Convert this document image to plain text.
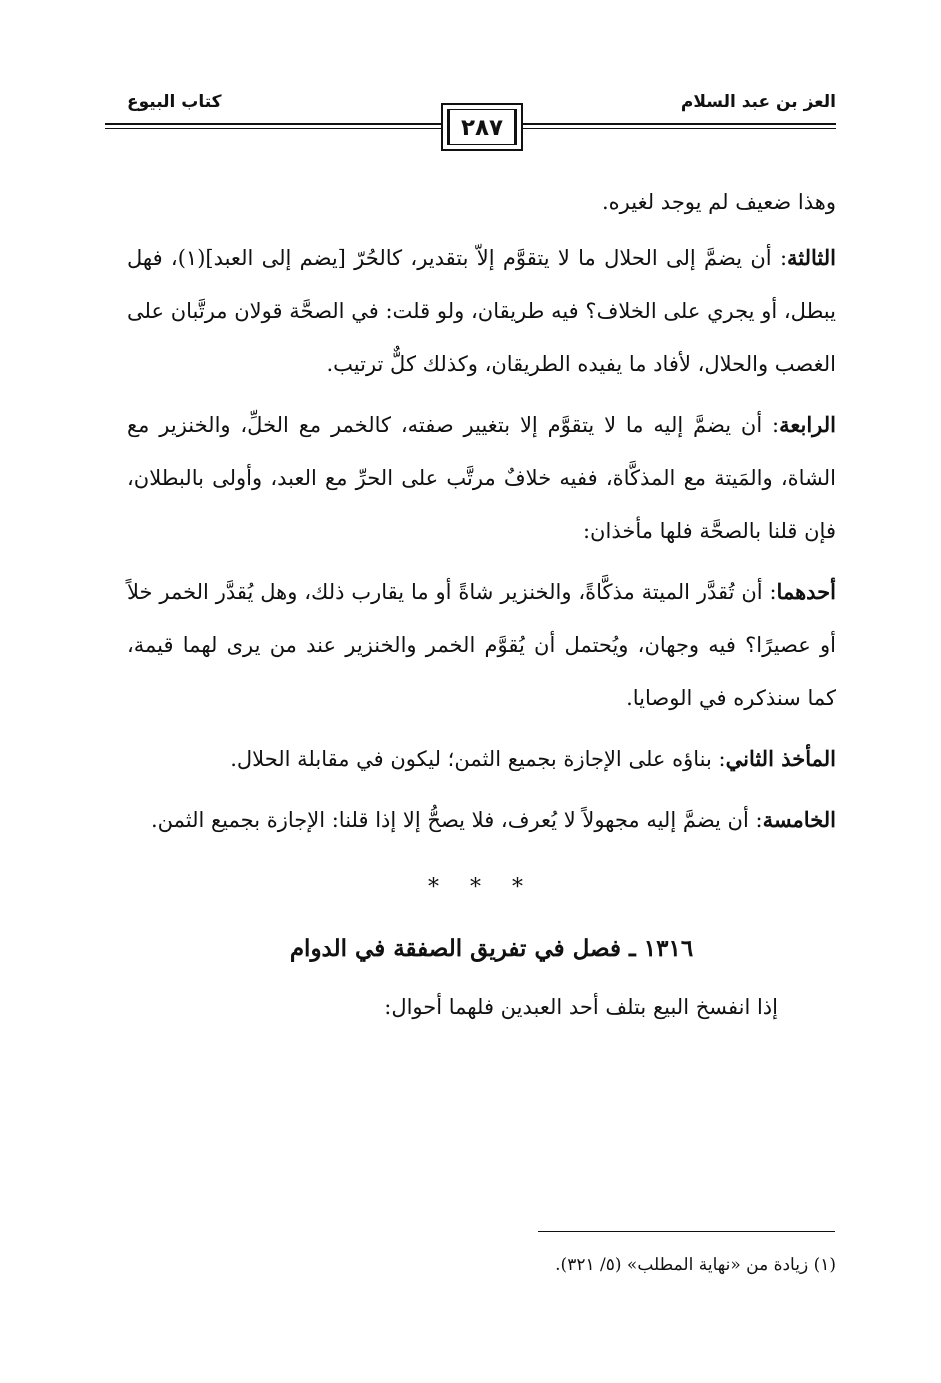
العز بن عبد السلام
كتاب البيوع
٢٨٧

وهذا ضعيف لم يوجد لغيره.

الثالثة: أن يضمَّ إلى الحلال ما لا يتقوَّم إلاّ بتقدير، كالحُرّ [يضم إلى العبد](١)، فهل يبطل، أو يجري على الخلاف؟ فيه طريقان، ولو قلت: في الصحَّة قولان مرتَّبان على الغصب والحلال، لأفاد ما يفيده الطريقان، وكذلك كلٌّ ترتيب.

الرابعة: أن يضمَّ إليه ما لا يتقوَّم إلا بتغيير صفته، كالخمر مع الخلِّ، والخنزير مع الشاة، والمَيتة مع المذكَّاة، ففيه خلافٌ مرتَّب على الحرِّ مع العبد، وأولى بالبطلان، فإن قلنا بالصحَّة فلها مأخذان:

أحدهما: أن تُقدَّر الميتة مذكَّاةً، والخنزير شاةً أو ما يقارب ذلك، وهل يُقدَّر الخمر خلاً أو عصيرًا؟ فيه وجهان، ويُحتمل أن يُقوَّم الخمر والخنزير عند من يرى لهما قيمة، كما سنذكره في الوصايا.

المأخذ الثاني: بناؤه على الإجازة بجميع الثمن؛ ليكون في مقابلة الحلال.

الخامسة: أن يضمَّ إليه مجهولاً لا يُعرف، فلا يصحُّ إلا إذا قلنا: الإجازة بجميع الثمن.

* * *
١٣١٦ ـ فصل في تفريق الصفقة في الدوام

إذا انفسخ البيع بتلف أحد العبدين فلهما أحوال:

(١) زيادة من «نهاية المطلب» (٥/ ٣٢١).
